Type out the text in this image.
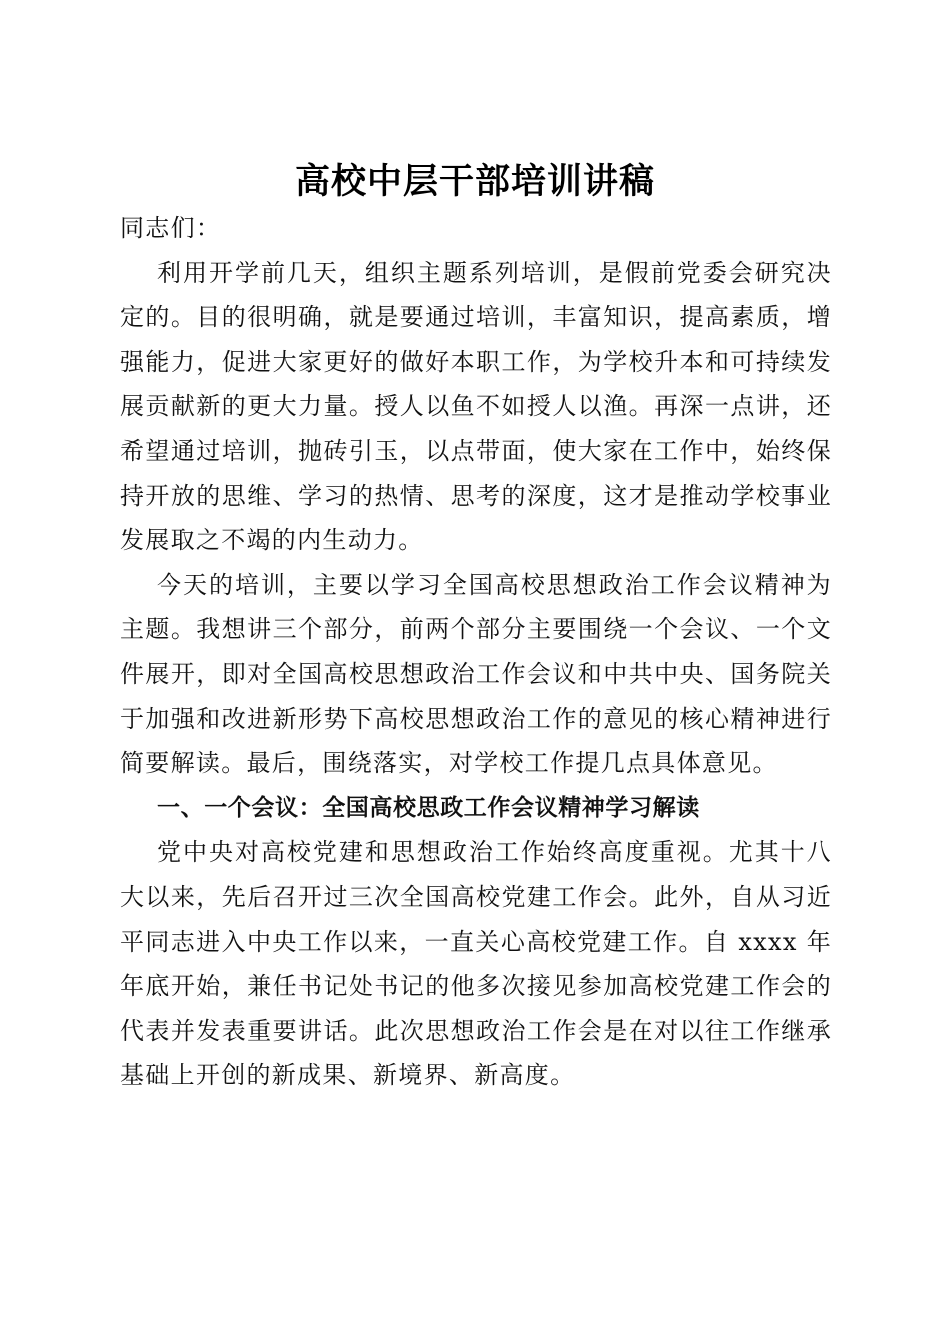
高校中层干部培训讲稿

同志们：

利用开学前几天，组织主题系列培训，是假前党委会研究决定的。目的很明确，就是要通过培训，丰富知识，提高素质，增强能力，促进大家更好的做好本职工作，为学校升本和可持续发展贡献新的更大力量。授人以鱼不如授人以渔。再深一点讲，还希望通过培训，抛砖引玉，以点带面，使大家在工作中，始终保持开放的思维、学习的热情、思考的深度，这才是推动学校事业发展取之不竭的内生动力。

今天的培训，主要以学习全国高校思想政治工作会议精神为主题。我想讲三个部分，前两个部分主要围绕一个会议、一个文件展开，即对全国高校思想政治工作会议和中共中央、国务院关于加强和改进新形势下高校思想政治工作的意见的核心精神进行简要解读。最后，围绕落实，对学校工作提几点具体意见。

一、一个会议：全国高校思政工作会议精神学习解读

党中央对高校党建和思想政治工作始终高度重视。尤其十八大以来，先后召开过三次全国高校党建工作会。此外，自从习近平同志进入中央工作以来，一直关心高校党建工作。自 xxxx 年年底开始，兼任书记处书记的他多次接见参加高校党建工作会的代表并发表重要讲话。此次思想政治工作会是在对以往工作继承基础上开创的新成果、新境界、新高度。
